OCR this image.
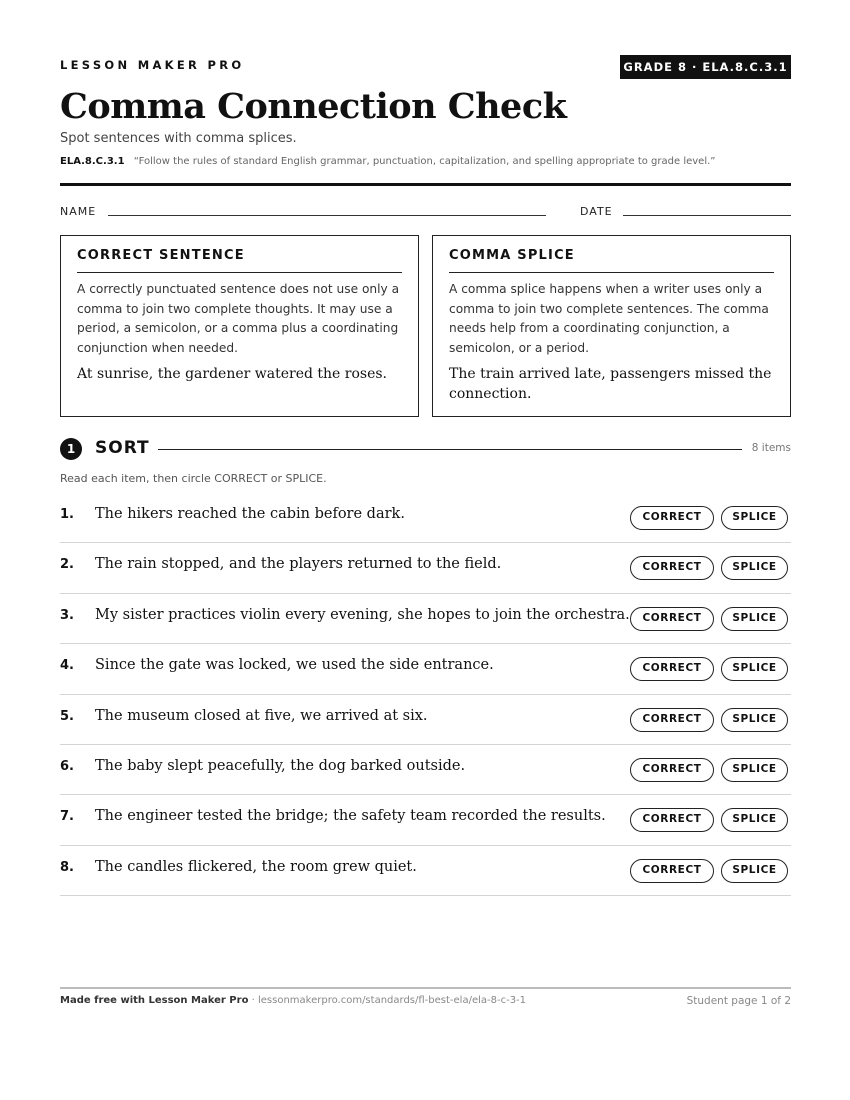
LESSON MAKER PRO	GRADE 8 · ELA.8.C.3.1
Comma Connection Check
Spot sentences with comma splices.
ELA.8.C.3.1 “Follow the rules of standard English grammar, punctuation, capitalization, and spelling appropriate to grade level.”
NAME	DATE
CORRECT SENTENCE
A correctly punctuated sentence does not use only a comma to join two complete thoughts. It may use a period, a semicolon, or a comma plus a coordinating conjunction when needed.
At sunrise, the gardener watered the roses.
COMMA SPLICE
A comma splice happens when a writer uses only a comma to join two complete sentences. The comma needs help from a coordinating conjunction, a semicolon, or a period.
The train arrived late, passengers missed the connection.
1	SORT	8 items
Read each item, then circle CORRECT or SPLICE.
1.	The hikers reached the cabin before dark.	CORRECT	SPLICE
2.	The rain stopped, and the players returned to the field.	CORRECT	SPLICE
3.	My sister practices violin every evening, she hopes to join the orchestra.	CORRECT	SPLICE
4.	Since the gate was locked, we used the side entrance.	CORRECT	SPLICE
5.	The museum closed at five, we arrived at six.	CORRECT	SPLICE
6.	The baby slept peacefully, the dog barked outside.	CORRECT	SPLICE
7.	The engineer tested the bridge; the safety team recorded the results.	CORRECT	SPLICE
8.	The candles flickered, the room grew quiet.	CORRECT	SPLICE
Made free with Lesson Maker Pro · lessonmakerpro.com/standards/fl-best-ela/ela-8-c-3-1	Student page 1 of 2
